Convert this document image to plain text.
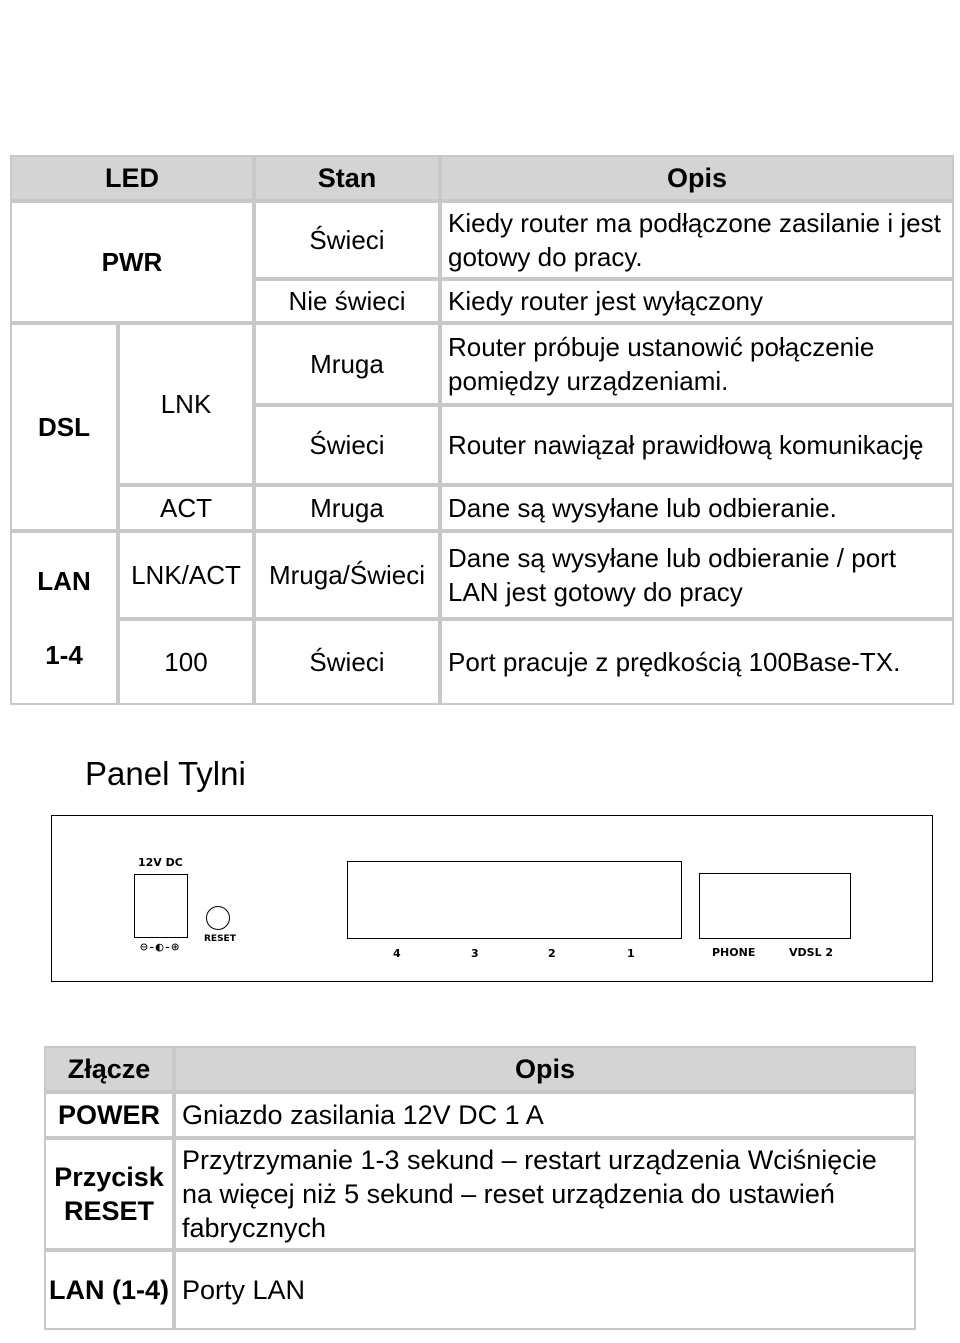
LED		Stan	Opis
PWR		Świeci	Kiedy router ma podłączone zasilanie i jest gotowy do pracy.
		Nie świeci	Kiedy router jest wyłączony
DSL	LNK	Mruga	Router próbuje ustanowić połączenie pomiędzy urządzeniami.
		Świeci	Router nawiązał prawidłową komunikację
	ACT	Mruga	Dane są wysyłane lub odbieranie.

LAN
1-4	LNK/ACT	Mruga/Świeci	Dane są wysyłane lub odbieranie / port LAN jest gotowy do pracy
	100	Świeci	Port pracuje z prędkością 100Base-TX.
Panel Tylni
12V DC
⊖-◐-⊕
RESET
4	3	2	1	PHONE	VDSL 2
Złącze	Opis
POWER	Gniazdo zasilania 12V DC 1 A
Przycisk RESET	Przytrzymanie 1-3 sekund – restart urządzenia Wciśnięcie na więcej niż 5 sekund – reset urządzenia do ustawień fabrycznych
LAN (1-4)	Porty LAN
